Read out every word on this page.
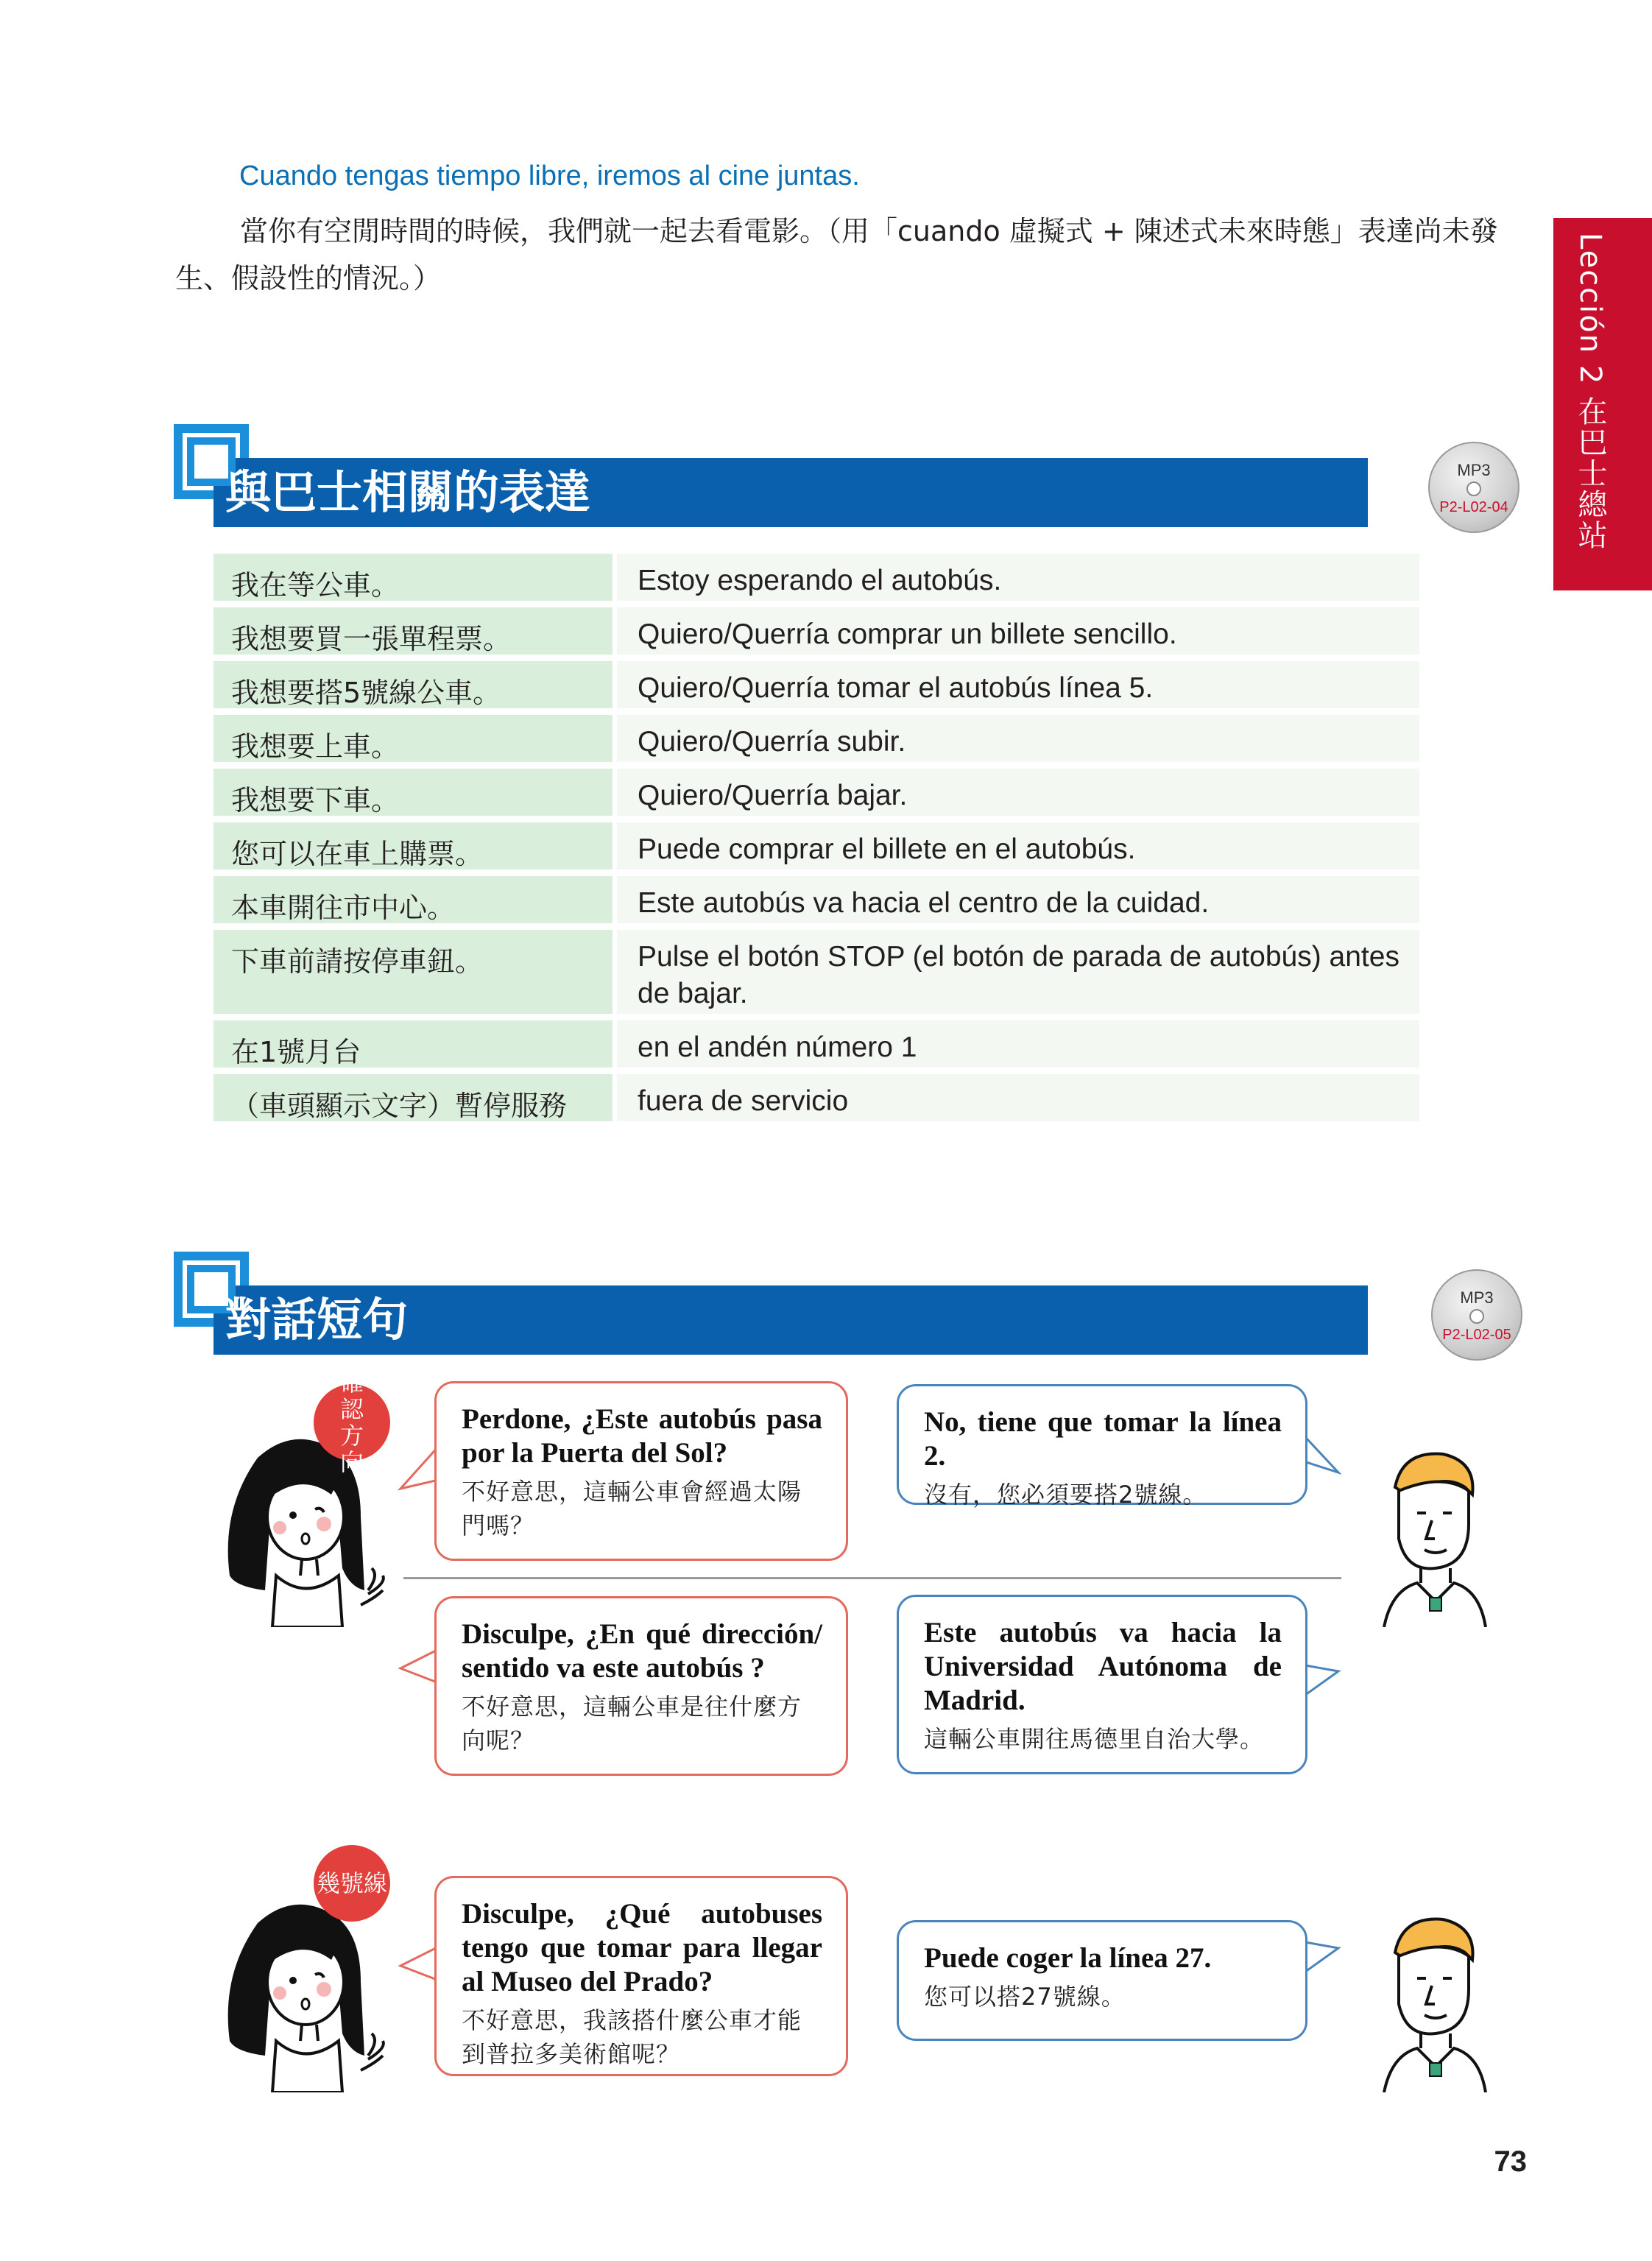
Cuando tengas tiempo libre, iremos al cine juntas.
當你有空閒時間的時候，我們就一起去看電影。（用「cuando 虛擬式 + 陳述式未來時態」表達尚未發生、假設性的情況。）	Lección 2 在巴士總站
與巴士相關的表達	MP3
P2-L02-04
我在等公車。	Estoy esperando el autobús.
我想要買一張單程票。	Quiero/Querría comprar un billete sencillo.
我想要搭5號線公車。	Quiero/Querría tomar el autobús línea 5.
我想要上車。	Quiero/Querría subir.
我想要下車。	Quiero/Querría bajar.
您可以在車上購票。	Puede comprar el billete en el autobús.
本車開往市中心。	Este autobús va hacia el centro de la cuidad.
下車前請按停車鈕。	Pulse el botón STOP (el botón de parada de autobús) antes de bajar.
在1號月台	en el andén número 1
（車頭顯示文字）暫停服務	fuera de servicio
對話短句	MP3
P2-L02-05
確認方向
幾號線
Perdone, ¿Este autobús pasa por la Puerta del Sol?
不好意思，這輛公車會經過太陽門嗎？
No, tiene que tomar la línea 2.
沒有，您必須要搭2號線。
Disculpe, ¿En qué dirección/ sentido va este autobús ?
不好意思，這輛公車是往什麼方向呢？
Este autobús va hacia la Universidad Autónoma de Madrid.
這輛公車開往馬德里自治大學。
Disculpe, ¿Qué autobuses tengo que tomar para llegar al Museo del Prado?
不好意思，我該搭什麼公車才能到普拉多美術館呢？
Puede coger la línea 27.
您可以搭27號線。
73
